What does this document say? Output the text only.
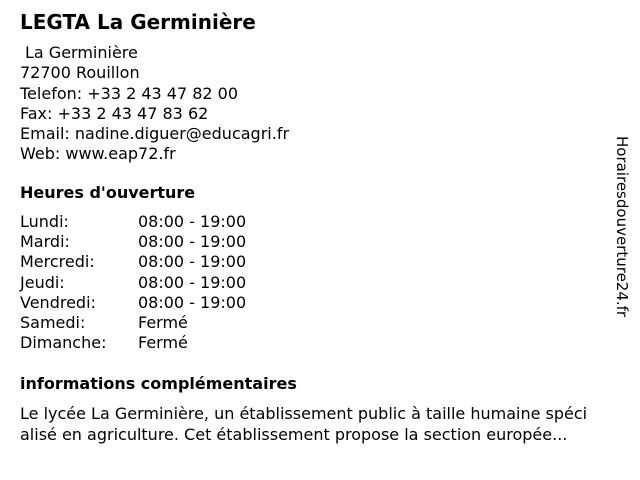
LEGTA La Germinière
La Germinière
72700 Rouillon
Telefon: +33 2 43 47 82 00
Fax: +33 2 43 47 83 62
Email: nadine.diguer@educagri.fr
Web: www.eap72.fr
Heures d'ouverture
Lundi:	08:00 - 19:00
Mardi:	08:00 - 19:00
Mercredi:	08:00 - 19:00
Jeudi:	08:00 - 19:00
Vendredi:	08:00 - 19:00
Samedi:	Fermé
Dimanche: Fermé
informations complémentaires
Le lycée La Germinière, un établissement public à taille humaine spéci
alisé en agriculture. Cet établissement propose la section europée...
Horairesdouverture24.fr
